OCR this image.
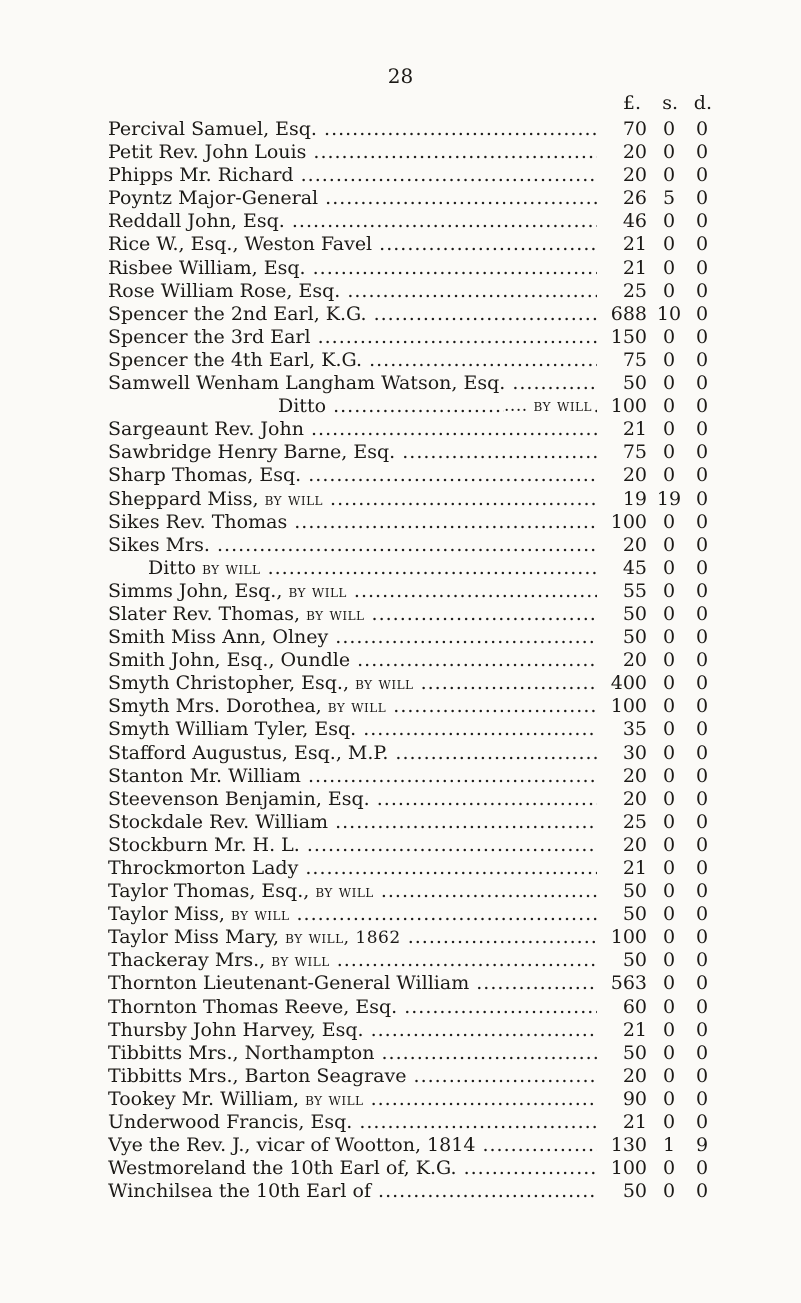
28
£. s. d.
Percival Samuel, Esq. .....	70 0	0
Petit Rev. John Louis .....	20 0	0
Phipps Mr. Richard .....	20 0	0
Poyntz Major-General .....	26 5	0
Reddall John, Esq. .....	46 0	0
Rice W., Esq., Weston Favel .....	21 0	0
Risbee William, Esq. .....	21 0	0
Rose William Rose, Esq. .....	25 0	0
Spencer the 2nd Earl, K.G. .....	688 10 0
Spencer the 3rd Earl .....	150 0	0
Spencer the 4th Earl, K.G. .....	75 0	0
Samwell Wenham Langham Watson, Esq. .....	50 0	0
Ditto .....
....	by will 100 0	0
Sargeaunt Rev. John .....	21 0	0
Sawbridge Henry Barne, Esq. .....	75 0	0
Sharp Thomas, Esq. .....	20 0	0
Sheppard Miss, by will .....	19 19 0
Sikes Rev. Thomas .....	100 0	0
Sikes Mrs. .....	20 0	0
Ditto by will .....	45 0	0
Simms John, Esq., by will .....	55 0	0
Slater Rev. Thomas, by will .....	50 0	0
Smith Miss Ann, Olney .....	50 0	0
Smith John, Esq., Oundle .....	20 0	0
Smyth Christopher, Esq., by will .....	400 0	0
Smyth Mrs. Dorothea, by will .....	100 0	0
Smyth William Tyler, Esq. .....	35 0	0
Stafford Augustus, Esq., M.P. .....	30 0	0
Stanton Mr. William .....	20 0	0
Steevenson Benjamin, Esq. .....	20 0	0
Stockdale Rev. William .....	25 0	0
Stockburn Mr. H. L. .....	20 0	0
Throckmorton Lady .....	21 0	0
Taylor Thomas, Esq., by will .....	50 0	0
Taylor Miss, by will .....	50 0	0
Taylor Miss Mary, by will, 1862 .....	100 0	0
Thackeray Mrs., by will .....	50 0	0
Thornton Lieutenant-General William .....	563 0	0
Thornton Thomas Reeve, Esq. .....	60 0	0
Thursby John Harvey, Esq. .....	21 0	0
Tibbitts Mrs., Northampton .....	50 0	0
Tibbitts Mrs., Barton Seagrave .....	20 0	0
Tookey Mr. William, by will .....	90 0	0
Underwood Francis, Esq. .....	21 0	0
Vye the Rev. J., vicar of Wootton, 1814 .....	130 1	9
Westmoreland the 10th Earl of, K.G. .....	100 0	0
Winchilsea the 10th Earl of .....	50 0	0
